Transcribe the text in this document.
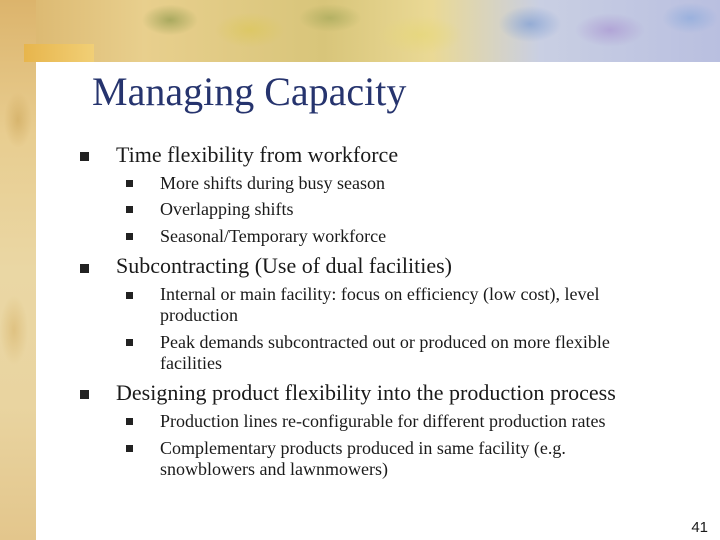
Managing Capacity
Time flexibility from workforce
More shifts during busy season
Overlapping shifts
Seasonal/Temporary workforce
Subcontracting (Use of dual facilities)
Internal or main facility: focus on efficiency (low cost), level production
Peak demands subcontracted out or produced on more flexible facilities
Designing product flexibility into the production process
Production lines re-configurable for different production rates
Complementary products produced in same facility (e.g. snowblowers and lawnmowers)
41
